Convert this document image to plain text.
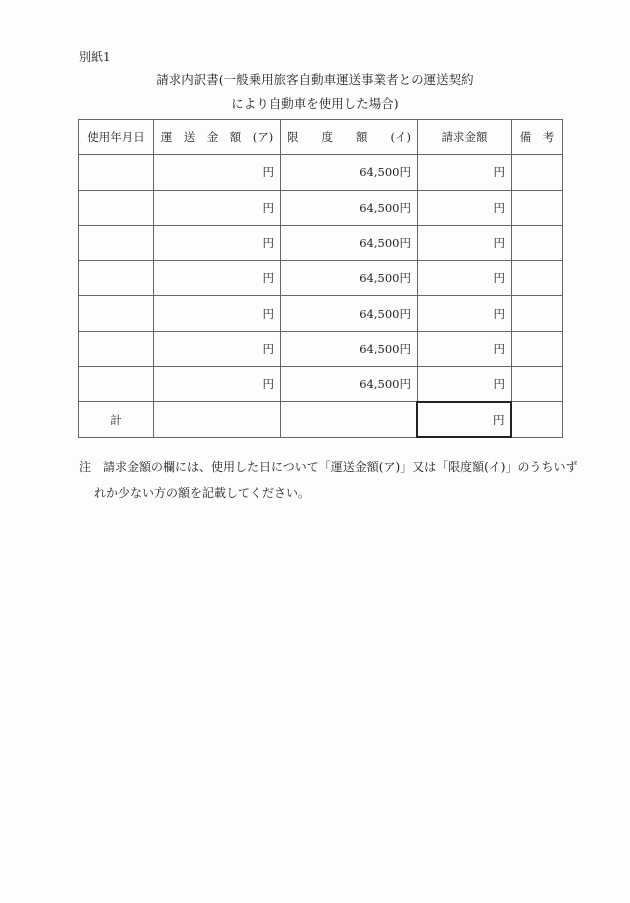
別紙1
請求内訳書(一般乗用旅客自動車運送事業者との運送契約
により自動車を使用した場合)
使用年月日	運　送　金　額　(ア)	限　　度　　額　　(イ)	請求金額	備　考
	円	64,500円	円	
	円	64,500円	円	
	円	64,500円	円	
	円	64,500円	円	
	円	64,500円	円	
	円	64,500円	円	
	円	64,500円	円	
計			円	
注　請求金額の欄には、使用した日について「運送金額(ア)」又は「限度額(イ)」のうちいず
れか少ない方の額を記載してください。
